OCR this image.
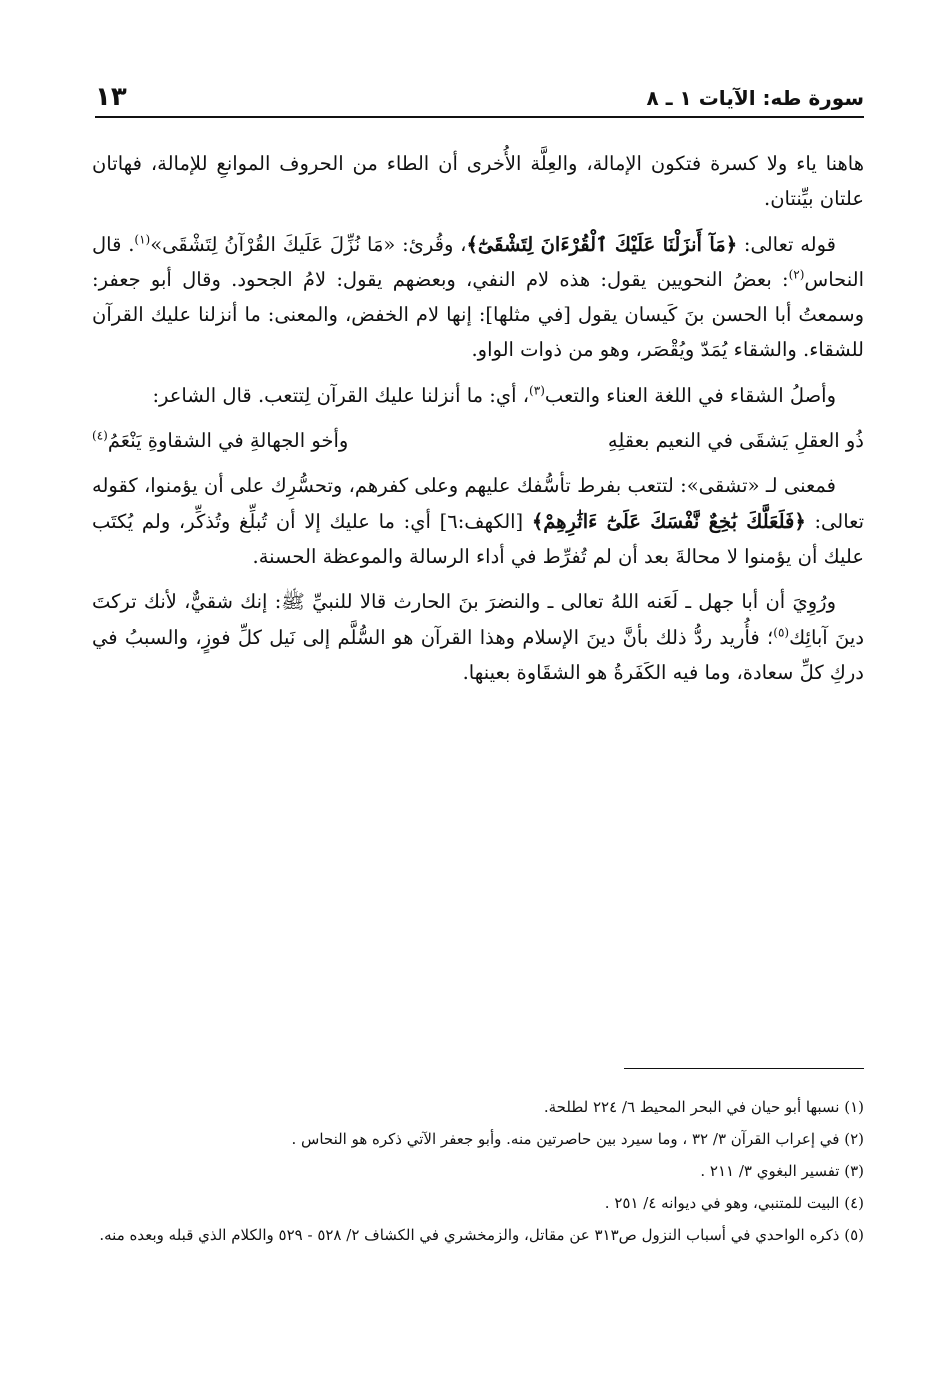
سورة طه: الآيات ١ ـ ٨
١٣

هاهنا ياء ولا كسرة فتكون الإمالة، والعِلَّة الأُخرى أن الطاء من الحروف الموانعِ للإمالة، فهاتان علتان بيِّنتان.

قوله تعالى: ﴿مَآ أَنزَلْنَا عَلَيْكَ ٱلْقُرْءَانَ لِتَشْقَىٰٓ﴾، وقُرئ: «مَا نُزِّلَ عَلَيكَ القُرْآنُ لِتَشْقَى»$^{(١)}$. قال النحاس$^{(٢)}$: بعضُ النحويين يقول: هذه لام النفي، وبعضهم يقول: لامُ الجحود. وقال أبو جعفر: وسمعتُ أبا الحسن بنَ كَيسان يقول [في مثلها]: إنها لام الخفض، والمعنى: ما أنزلنا عليك القرآن للشقاء. والشقاء يُمَدّ ويُقْصَر، وهو من ذوات الواو.

وأصلُ الشقاء في اللغة العناء والتعب$^{(٣)}$، أي: ما أنزلنا عليك القرآن لِتتعب. قال الشاعر:

ذُو العقلِ يَشقَى في النعيم بعقلِهِ
وأخو الجهالةِ في الشقاوةِ يَنْعَمُ$^{(٤)}$

فمعنى لـ «تشقى»: لتتعب بفرط تأسُّفك عليهم وعلى كفرهم، وتحسُّرِك على أن يؤمنوا، كقوله تعالى: ﴿فَلَعَلَّكَ بَٰخِعٌ نَّفْسَكَ عَلَىٰٓ ءَاثَٰرِهِمْ﴾ [الكهف:٦] أي: ما عليك إلا أن تُبلِّغ وتُذكِّر، ولم يُكتَب عليك أن يؤمنوا لا محالةَ بعد أن لم تُفرِّط في أداء الرسالة والموعظة الحسنة.

ورُوِيَ أن أبا جهل ـ لَعَنه اللهُ تعالى ـ والنضرَ بنَ الحارث قالا للنبيِّ ﷺ: إنك شقيٌّ، لأنك تركتَ دينَ آبائِك$^{(٥)}$؛ فأُريد ردُّ ذلك بأنَّ دينَ الإسلام وهذا القرآن هو السُّلَّم إلى نَيل كلِّ فوزٍ، والسببُ في دركِ كلِّ سعادة، وما فيه الكَفَرةُ هو الشقَاوة بعينها.

(١) نسبها أبو حيان في البحر المحيط ٦/ ٢٢٤ لطلحة.

(٢) في إعراب القرآن ٣/ ٣٢ ، وما سيرد بين حاصرتين منه. وأبو جعفر الآتي ذكره هو النحاس .

(٣) تفسير البغوي ٣/ ٢١١ .

(٤) البيت للمتنبي، وهو في ديوانه ٤/ ٢٥١ .

(٥) ذكره الواحدي في أسباب النزول ص٣١٣ عن مقاتل، والزمخشري في الكشاف ٢/ ٥٢٨ - ٥٢٩ والكلام الذي قبله وبعده منه.
